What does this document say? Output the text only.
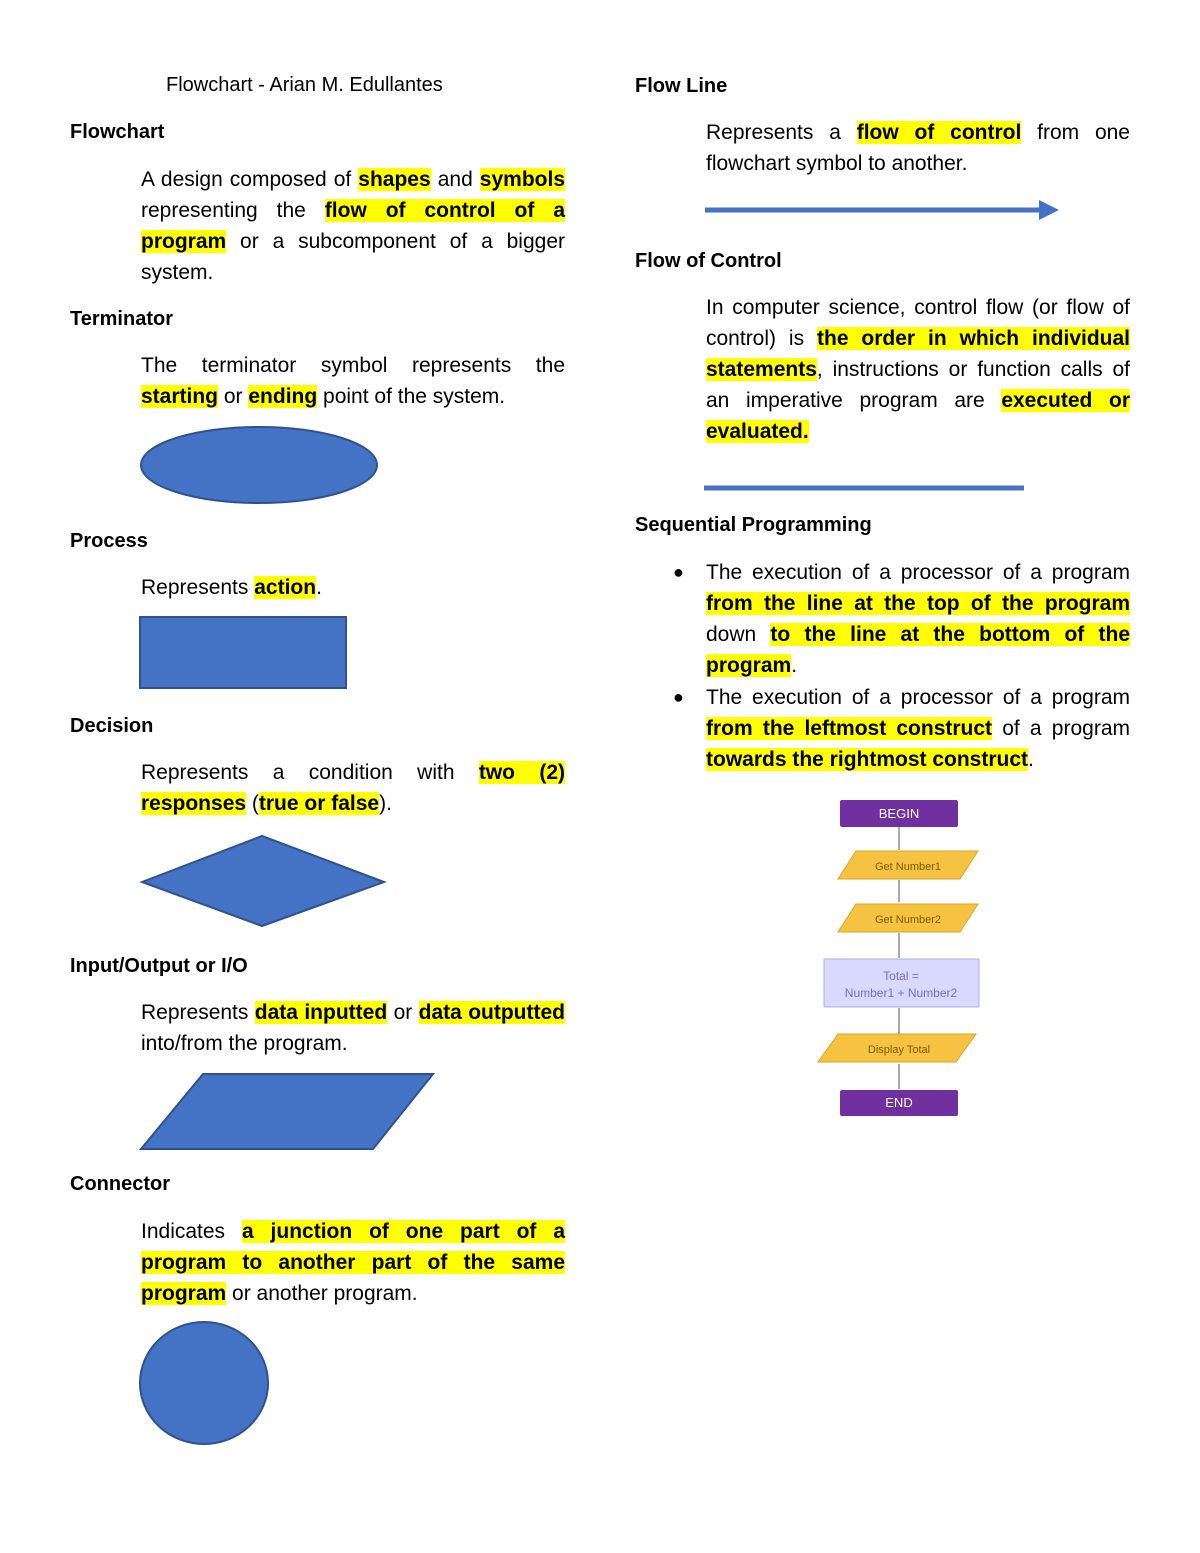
Flowchart - Arian M. Edullantes
Flowchart
A design composed of shapes and symbols representing the flow of control of a program or a subcomponent of a bigger system.
Terminator
The terminator symbol represents the starting or ending point of the system.
Process
Represents action.
Decision
Represents a condition with two (2) responses (true or false).
Input/Output or I/O
Represents data inputted or data outputted into/from the program.
Connector
Indicates a junction of one part of a program to another part of the same program or another program.
Flow Line
Represents a flow of control from one flowchart symbol to another.
Flow of Control
In computer science, control flow (or flow of control) is the order in which individual statements, instructions or function calls of an imperative program are executed or evaluated.
Sequential Programming
● The execution of a processor of a program from the line at the top of the program down to the line at the bottom of the program.
● The execution of a processor of a program from the leftmost construct of a program towards the rightmost construct.
BEGIN
Get Number1
Get Number2
Total =
Number1 + Number2
Display Total
END
